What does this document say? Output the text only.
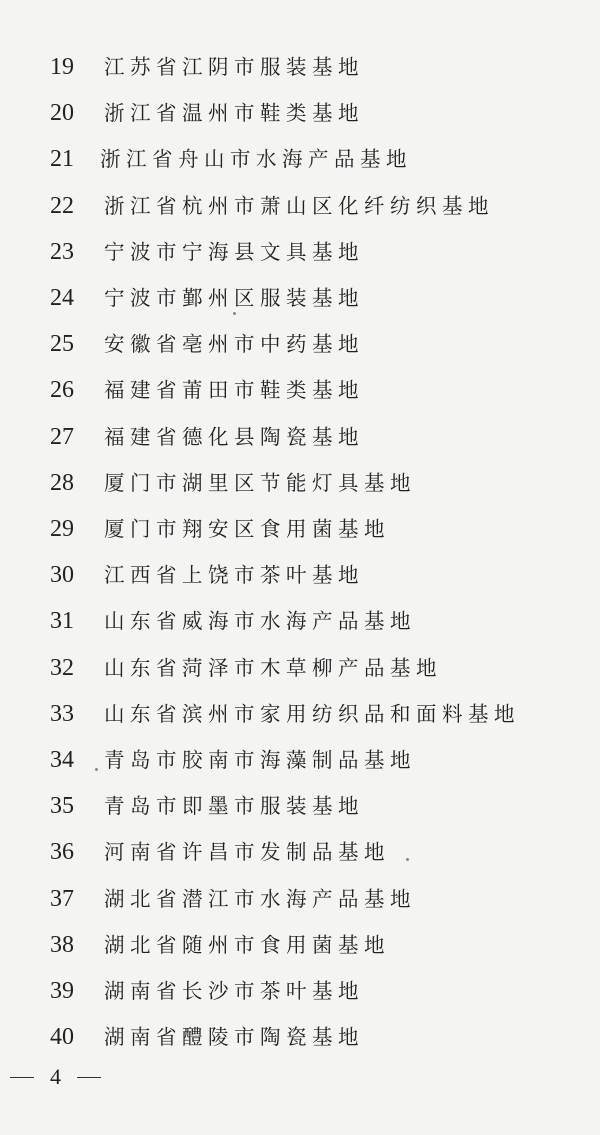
19	江苏省江阴市服装基地
20	浙江省温州市鞋类基地
21	浙江省舟山市水海产品基地
22	浙江省杭州市萧山区化纤纺织基地
23	宁波市宁海县文具基地
24	宁波市鄞州区服装基地
25	安徽省亳州市中药基地
26	福建省莆田市鞋类基地
27	福建省德化县陶瓷基地
28	厦门市湖里区节能灯具基地
29	厦门市翔安区食用菌基地
30	江西省上饶市茶叶基地
31	山东省威海市水海产品基地
32	山东省菏泽市木草柳产品基地
33	山东省滨州市家用纺织品和面料基地
34	青岛市胶南市海藻制品基地
35	青岛市即墨市服装基地
36	河南省许昌市发制品基地
37	湖北省潜江市水海产品基地
38	湖北省随州市食用菌基地
39	湖南省长沙市茶叶基地
40	湖南省醴陵市陶瓷基地
4
